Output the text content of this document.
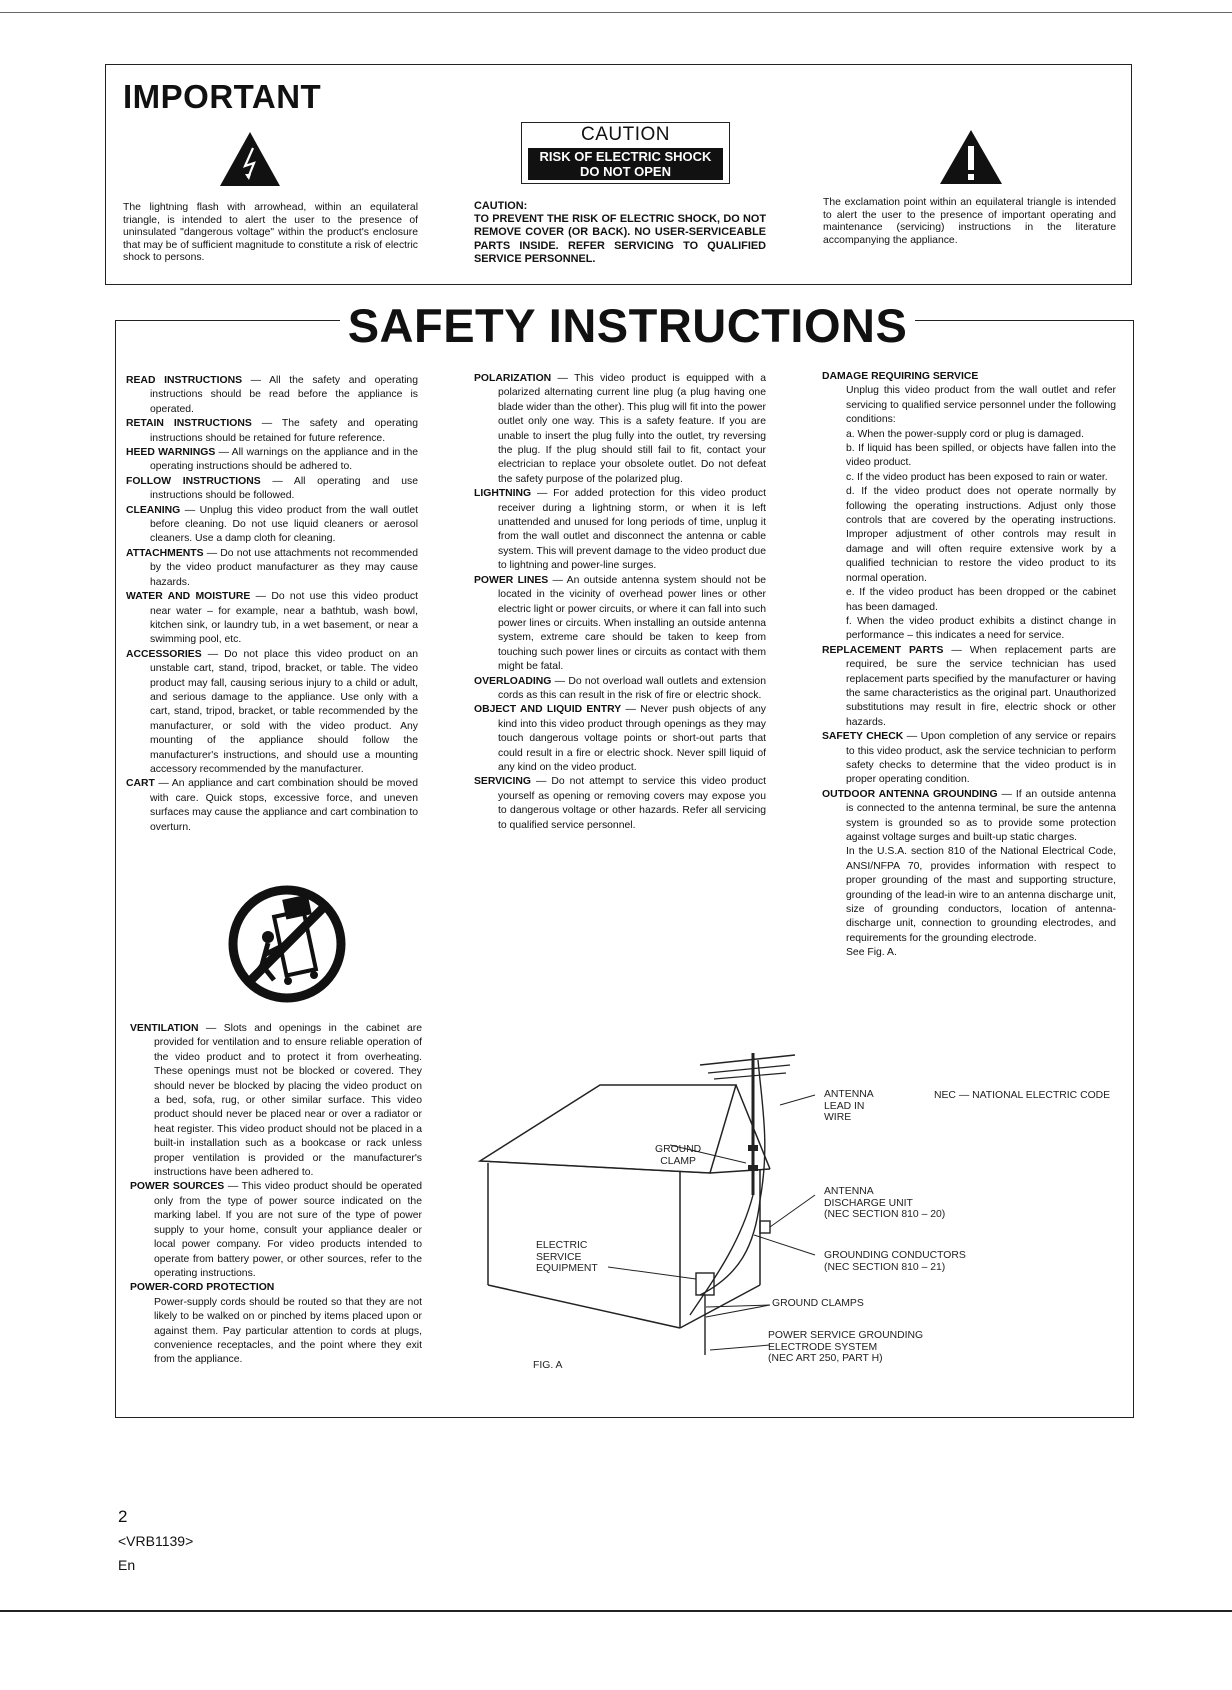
IMPORTANT
CAUTION
RISK OF ELECTRIC SHOCK
DO NOT OPEN

The lightning flash with arrowhead, within an equilateral triangle, is intended to alert the user to the presence of uninsulated "dangerous voltage" within the product's enclosure that may be of sufficient magnitude to constitute a risk of electric shock to persons.

CAUTION:
TO PREVENT THE RISK OF ELECTRIC SHOCK, DO NOT REMOVE COVER (OR BACK). NO USER-SERVICEABLE PARTS INSIDE. REFER SERVICING TO QUALIFIED SERVICE PERSONNEL.

The exclamation point within an equilateral triangle is intended to alert the user to the presence of important operating and maintenance (servicing) instructions in the literature accompanying the appliance.

SAFETY INSTRUCTIONS

READ INSTRUCTIONS — All the safety and operating instructions should be read before the appliance is operated.

RETAIN INSTRUCTIONS — The safety and operating instructions should be retained for future reference.

HEED WARNINGS — All warnings on the appliance and in the operating instructions should be adhered to.

FOLLOW INSTRUCTIONS — All operating and use instructions should be followed.

CLEANING — Unplug this video product from the wall outlet before cleaning. Do not use liquid cleaners or aerosol cleaners. Use a damp cloth for cleaning.

ATTACHMENTS — Do not use attachments not recommended by the video product manufacturer as they may cause hazards.

WATER AND MOISTURE — Do not use this video product near water – for example, near a bathtub, wash bowl, kitchen sink, or laundry tub, in a wet basement, or near a swimming pool, etc.

ACCESSORIES — Do not place this video product on an unstable cart, stand, tripod, bracket, or table. The video product may fall, causing serious injury to a child or adult, and serious damage to the appliance. Use only with a cart, stand, tripod, bracket, or table recommended by the manufacturer, or sold with the video product. Any mounting of the appliance should follow the manufacturer's instructions, and should use a mounting accessory recommended by the manufacturer.

CART — An appliance and cart combination should be moved with care. Quick stops, excessive force, and uneven surfaces may cause the appliance and cart combination to overturn.

VENTILATION — Slots and openings in the cabinet are provided for ventilation and to ensure reliable operation of the video product and to protect it from overheating. These openings must not be blocked or covered. They should never be blocked by placing the video product on a bed, sofa, rug, or other similar surface. This video product should never be placed near or over a radiator or heat register. This video product should not be placed in a built-in installation such as a bookcase or rack unless proper ventilation is provided or the manufacturer's instructions have been adhered to.

POWER SOURCES — This video product should be operated only from the type of power source indicated on the marking label. If you are not sure of the type of power supply to your home, consult your appliance dealer or local power company. For video products intended to operate from battery power, or other sources, refer to the operating instructions.

POWER-CORD PROTECTION

Power-supply cords should be routed so that they are not likely to be walked on or pinched by items placed upon or against them. Pay particular attention to cords at plugs, convenience receptacles, and the point where they exit from the appliance.

POLARIZATION — This video product is equipped with a polarized alternating current line plug (a plug having one blade wider than the other). This plug will fit into the power outlet only one way. This is a safety feature. If you are unable to insert the plug fully into the outlet, try reversing the plug. If the plug should still fail to fit, contact your electrician to replace your obsolete outlet. Do not defeat the safety purpose of the polarized plug.

LIGHTNING — For added protection for this video product receiver during a lightning storm, or when it is left unattended and unused for long periods of time, unplug it from the wall outlet and disconnect the antenna or cable system. This will prevent damage to the video product due to lightning and power-line surges.

POWER LINES — An outside antenna system should not be located in the vicinity of overhead power lines or other electric light or power circuits, or where it can fall into such power lines or circuits. When installing an outside antenna system, extreme care should be taken to keep from touching such power lines or circuits as contact with them might be fatal.

OVERLOADING — Do not overload wall outlets and extension cords as this can result in the risk of fire or electric shock.

OBJECT AND LIQUID ENTRY — Never push objects of any kind into this video product through openings as they may touch dangerous voltage points or short-out parts that could result in a fire or electric shock. Never spill liquid of any kind on the video product.

SERVICING — Do not attempt to service this video product yourself as opening or removing covers may expose you to dangerous voltage or other hazards. Refer all servicing to qualified service personnel.

DAMAGE REQUIRING SERVICE

Unplug this video product from the wall outlet and refer servicing to qualified service personnel under the following conditions:

a. When the power-supply cord or plug is damaged.

b. If liquid has been spilled, or objects have fallen into the video product.

c. If the video product has been exposed to rain or water.

d. If the video product does not operate normally by following the operating instructions. Adjust only those controls that are covered by the operating instructions. Improper adjustment of other controls may result in damage and will often require extensive work by a qualified technician to restore the video product to its normal operation.

e. If the video product has been dropped or the cabinet has been damaged.

f. When the video product exhibits a distinct change in performance – this indicates a need for service.

REPLACEMENT PARTS — When replacement parts are required, be sure the service technician has used replacement parts specified by the manufacturer or having the same characteristics as the original part. Unauthorized substitutions may result in fire, electric shock or other hazards.

SAFETY CHECK — Upon completion of any service or repairs to this video product, ask the service technician to perform safety checks to determine that the video product is in proper operating condition.

OUTDOOR ANTENNA GROUNDING — If an outside antenna is connected to the antenna terminal, be sure the antenna system is grounded so as to provide some protection against voltage surges and built-up static charges.

In the U.S.A. section 810 of the National Electrical Code, ANSI/NFPA 70, provides information with respect to proper grounding of the mast and supporting structure, grounding of the lead-in wire to an antenna discharge unit, size of grounding conductors, location of antenna-discharge unit, connection to grounding electrodes, and requirements for the grounding electrode.

See Fig. A.

ANTENNA

LEAD IN

WIRE

NEC — NATIONAL ELECTRIC CODE

GROUND

CLAMP

ANTENNA

DISCHARGE UNIT

(NEC SECTION 810 – 20)

ELECTRIC

SERVICE

EQUIPMENT

GROUNDING CONDUCTORS

(NEC SECTION 810 – 21)

GROUND CLAMPS

POWER SERVICE GROUNDING

ELECTRODE SYSTEM

(NEC ART 250, PART H)

FIG. A

2

<VRB1139>

En
